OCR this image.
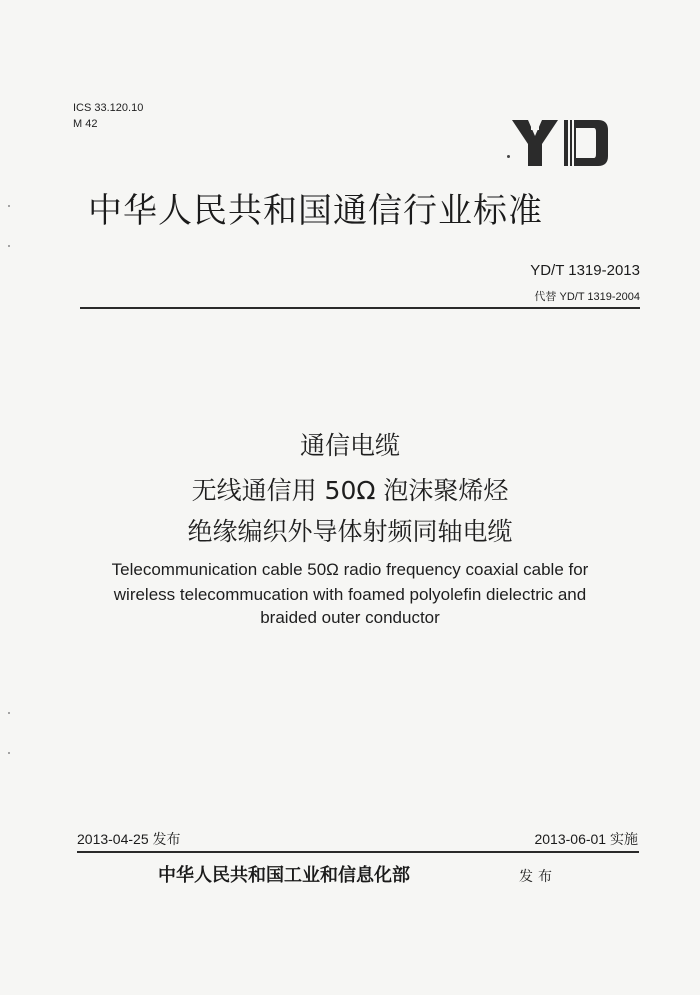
ICS 33.120.10
M 42
中华人民共和国通信行业标准
YD/T 1319-2013
代替 YD/T 1319-2004
通信电缆
无线通信用 50Ω 泡沫聚烯烃
绝缘编织外导体射频同轴电缆
Telecommunication cable 50Ω radio frequency coaxial cable for
wireless telecommucation with foamed polyolefin dielectric and
braided outer conductor
2013-04-25 发布	2013-06-01 实施
中华人民共和国工业和信息化部	发布
